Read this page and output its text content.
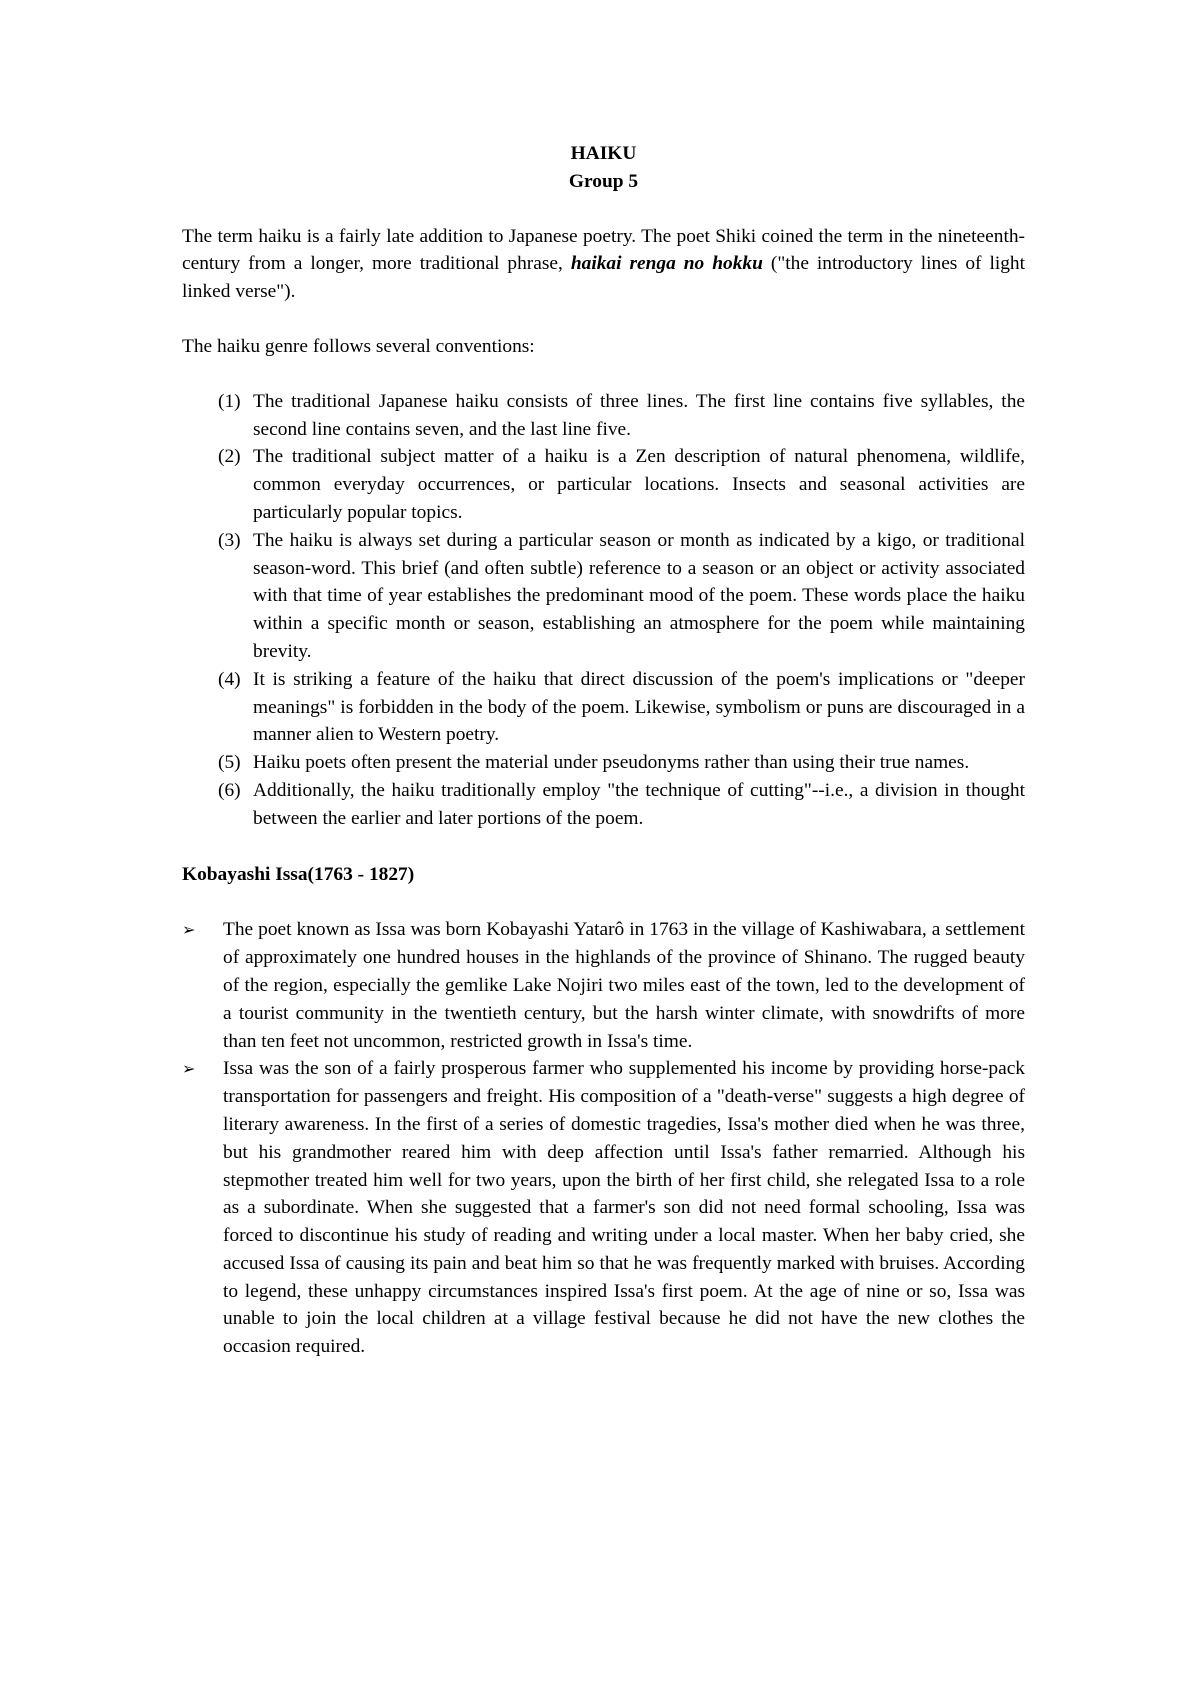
HAIKU

Group 5

The term haiku is a fairly late addition to Japanese poetry. The poet Shiki coined the term in the nineteenth-century from a longer, more traditional phrase, haikai renga no hokku ("the introductory lines of light linked verse").

The haiku genre follows several conventions:

(1) The traditional Japanese haiku consists of three lines. The first line contains five syllables, the second line contains seven, and the last line five.
(2) The traditional subject matter of a haiku is a Zen description of natural phenomena, wildlife, common everyday occurrences, or particular locations. Insects and seasonal activities are particularly popular topics.
(3) The haiku is always set during a particular season or month as indicated by a kigo, or traditional season-word. This brief (and often subtle) reference to a season or an object or activity associated with that time of year establishes the predominant mood of the poem. These words place the haiku within a specific month or season, establishing an atmosphere for the poem while maintaining brevity.
(4) It is striking a feature of the haiku that direct discussion of the poem's implications or "deeper meanings" is forbidden in the body of the poem. Likewise, symbolism or puns are discouraged in a manner alien to Western poetry.
(5) Haiku poets often present the material under pseudonyms rather than using their true names.
(6) Additionally, the haiku traditionally employ "the technique of cutting"--i.e., a division in thought between the earlier and later portions of the poem.

Kobayashi Issa(1763 - 1827)

➢ The poet known as Issa was born Kobayashi Yatarô in 1763 in the village of Kashiwabara, a settlement of approximately one hundred houses in the highlands of the province of Shinano. The rugged beauty of the region, especially the gemlike Lake Nojiri two miles east of the town, led to the development of a tourist community in the twentieth century, but the harsh winter climate, with snowdrifts of more than ten feet not uncommon, restricted growth in Issa's time.
➢ Issa was the son of a fairly prosperous farmer who supplemented his income by providing horse-pack transportation for passengers and freight. His composition of a "death-verse" suggests a high degree of literary awareness. In the first of a series of domestic tragedies, Issa's mother died when he was three, but his grandmother reared him with deep affection until Issa's father remarried. Although his stepmother treated him well for two years, upon the birth of her first child, she relegated Issa to a role as a subordinate. When she suggested that a farmer's son did not need formal schooling, Issa was forced to discontinue his study of reading and writing under a local master. When her baby cried, she accused Issa of causing its pain and beat him so that he was frequently marked with bruises. According to legend, these unhappy circumstances inspired Issa's first poem. At the age of nine or so, Issa was unable to join the local children at a village festival because he did not have the new clothes the occasion required.
